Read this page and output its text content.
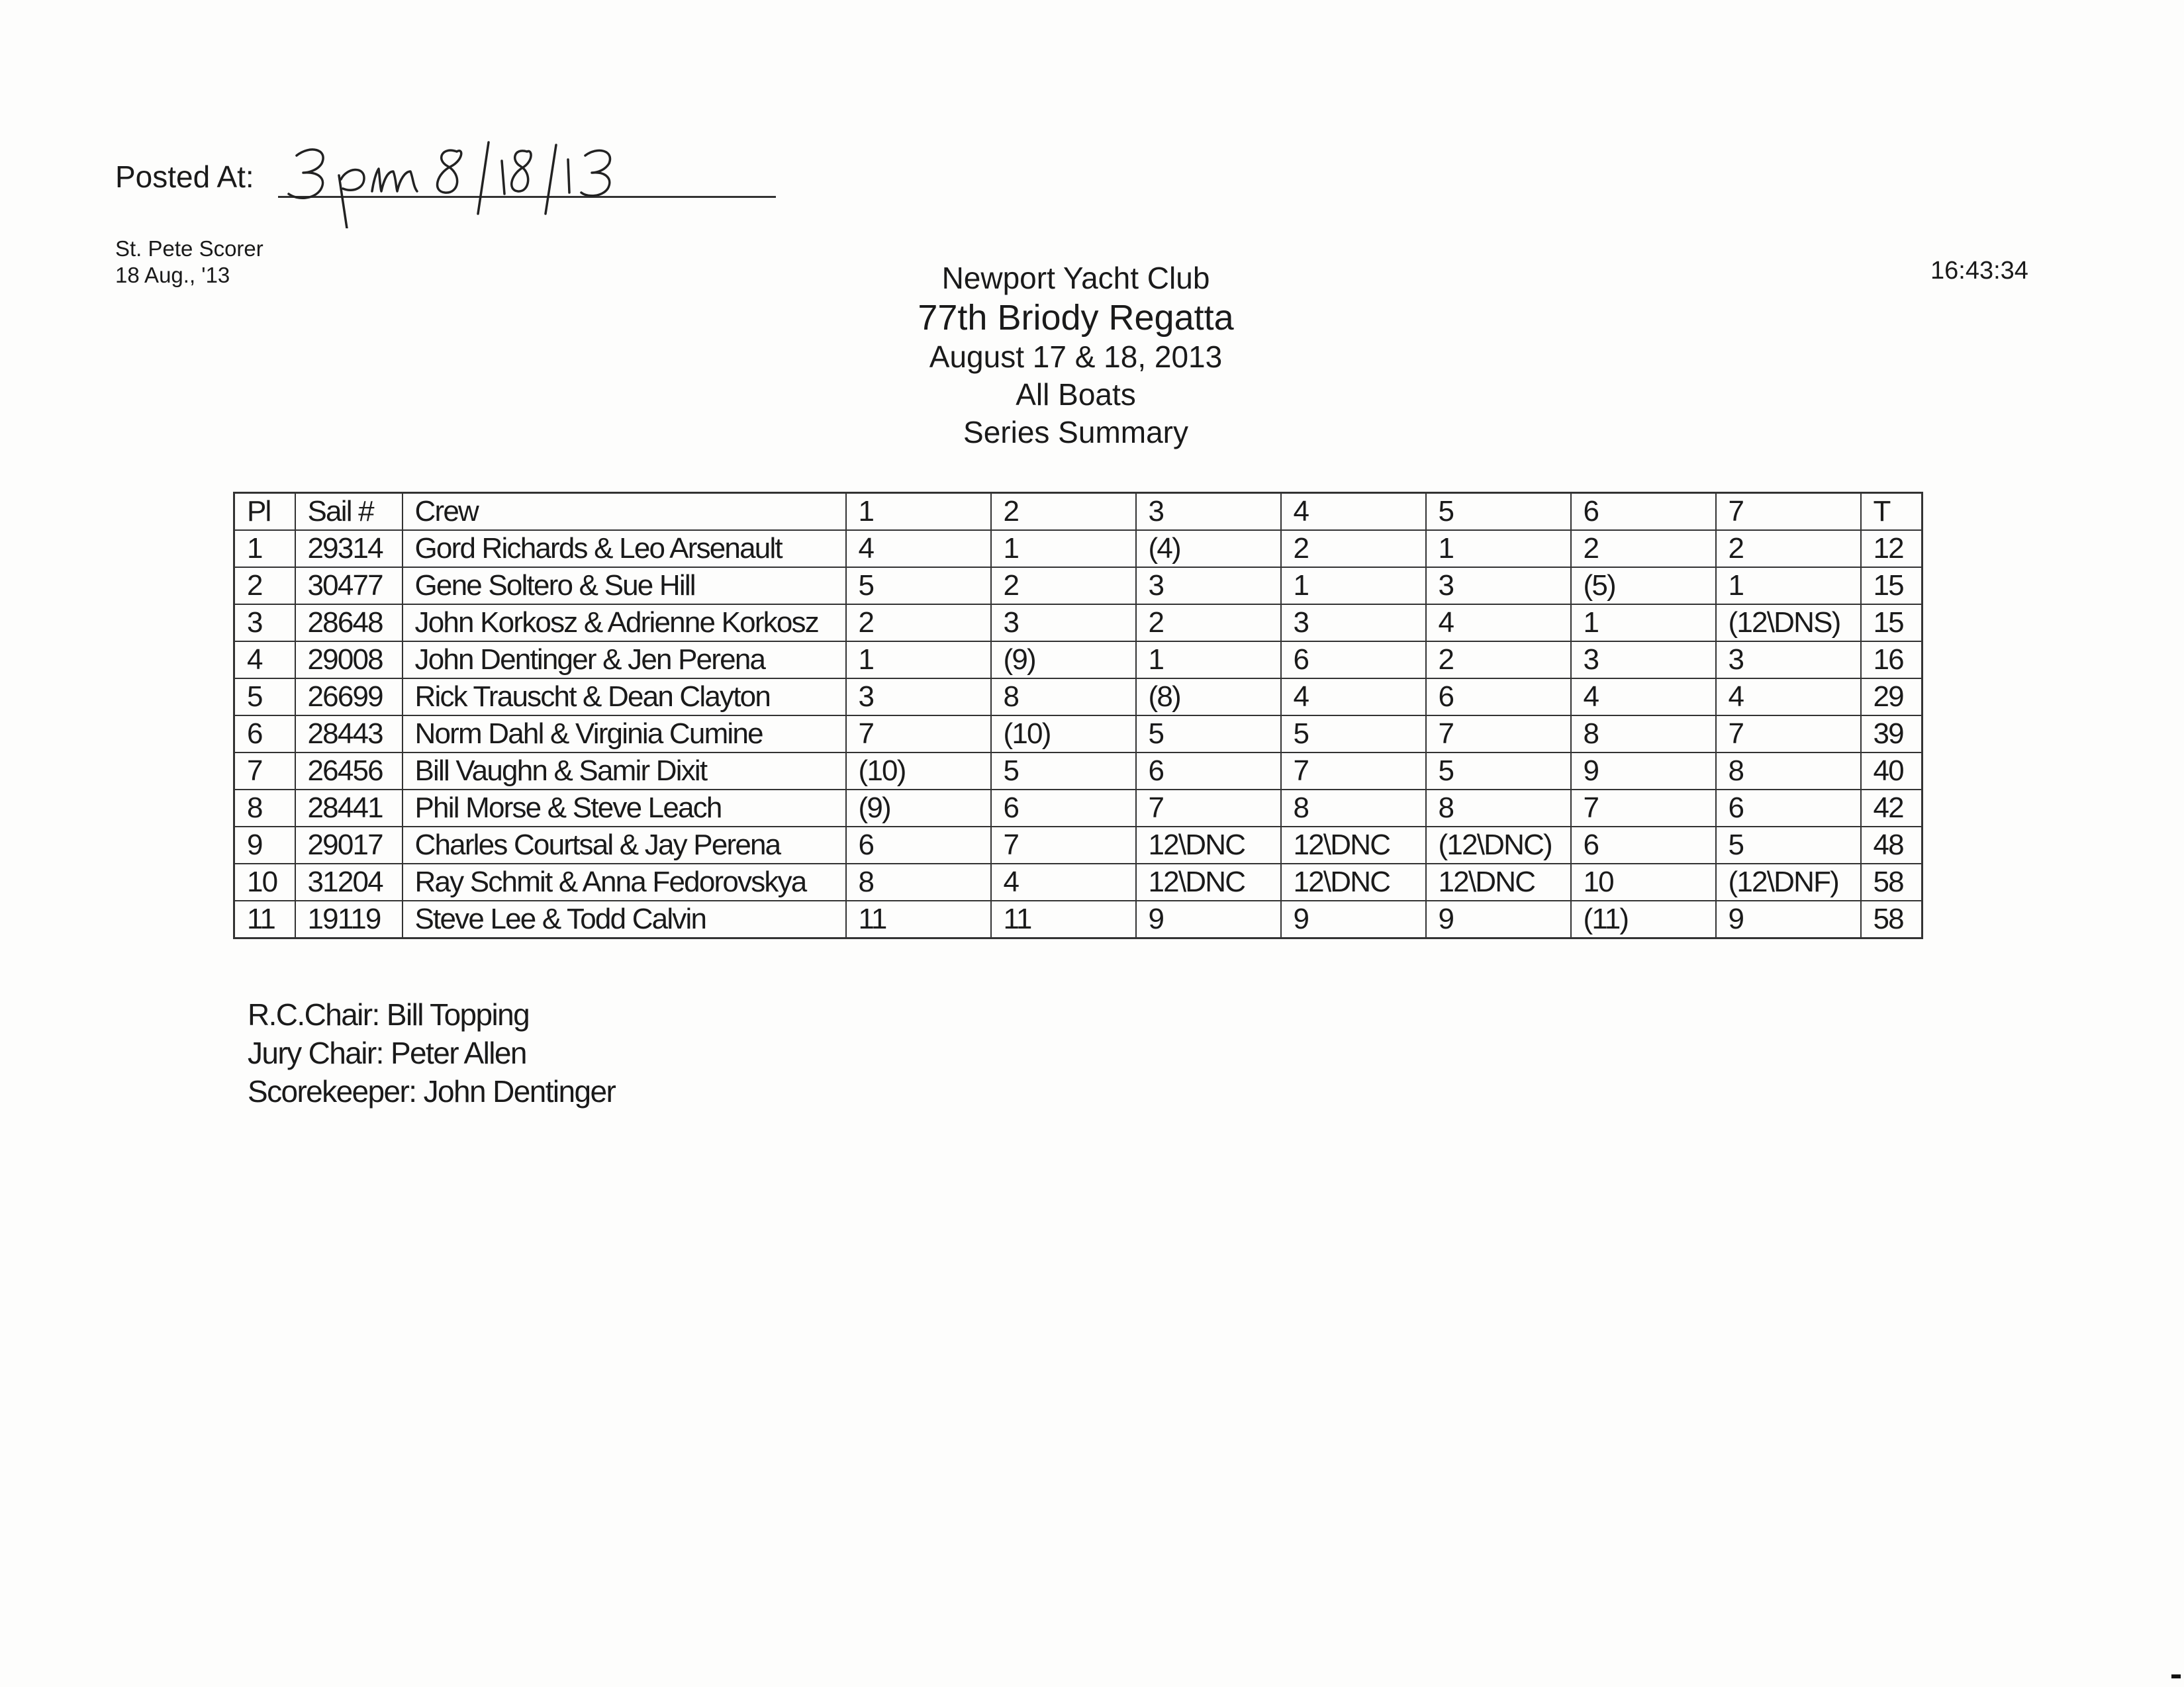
Posted At:
St. Pete Scorer
18 Aug., '13	16:43:34
Newport Yacht Club
77th Briody Regatta
August 17 & 18, 2013
All Boats
Series Summary
Pl	Sail #	Crew	1	2	3	4	5	6	7	T
1	29314	Gord Richards & Leo Arsenault	4	1	(4)	2	1	2	2	12
2	30477	Gene Soltero & Sue Hill	5	2	3	1	3	(5)	1	15
3	28648	John Korkosz & Adrienne Korkosz	2	3	2	3	4	1	(12\DNS)	15
4	29008	John Dentinger & Jen Perena	1	(9)	1	6	2	3	3	16
5	26699	Rick Trauscht & Dean Clayton	3	8	(8)	4	6	4	4	29
6	28443	Norm Dahl & Virginia Cumine	7	(10)	5	5	7	8	7	39
7	26456	Bill Vaughn & Samir Dixit	(10)	5	6	7	5	9	8	40
8	28441	Phil Morse & Steve Leach	(9)	6	7	8	8	7	6	42
9	29017	Charles Courtsal & Jay Perena	6	7	12\DNC	12\DNC	(12\DNC)	6	5	48
10	31204	Ray Schmit & Anna Fedorovskya	8	4	12\DNC	12\DNC	12\DNC	10	(12\DNF)	58
11	19119	Steve Lee & Todd Calvin	11	11	9	9	9	(11)	9	58
R.C.Chair: Bill Topping
Jury Chair: Peter Allen
Scorekeeper: John Dentinger
